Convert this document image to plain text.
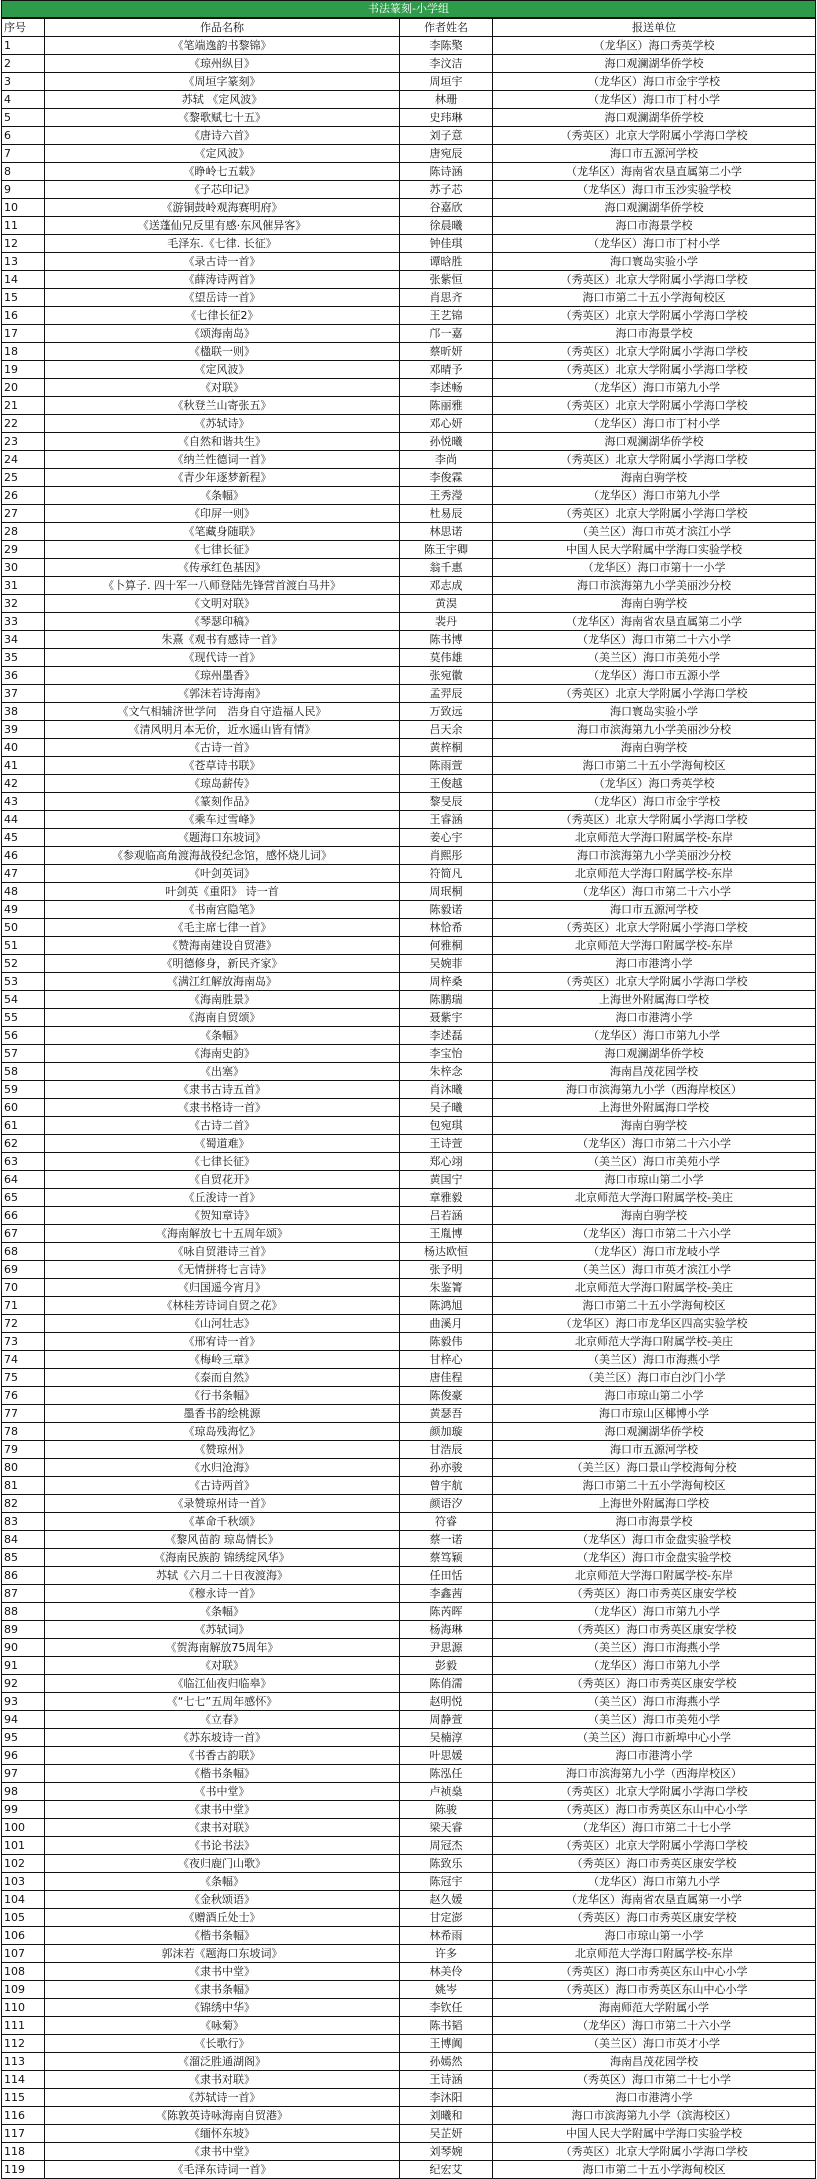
书法篆刻-小学组
序号	作品名称	作者姓名	报送单位
1	《笔端逸韵书黎锦》	李陈檠	（龙华区）海口秀英学校
2	《琼州纵目》	李汶洁	海口观澜湖华侨学校
3	《周垣字篆刻》	周垣宇	（龙华区）海口市金宇学校
4	苏轼 《定风波》	林珊	（龙华区）海口市丁村小学
5	《黎歌赋七十五》	史玮琳	海口观澜湖华侨学校
6	《唐诗六首》	刘子意	（秀英区）北京大学附属小学海口学校
7	《定风波》	唐宛辰	海口市五源河学校
8	《睁岭七五载》	陈诗涵	（龙华区）海南省农垦直属第二小学
9	《子芯印记》	苏子芯	（龙华区）海口市玉沙实验学校
10	《游铜鼓岭观海赛明府》	谷嘉欣	海口观澜湖华侨学校
11	《送蓬仙兄反里有感·东风催异客》	徐晨曦	海口市海景学校
12	毛泽东.《七律. 长征》	钟佳琪	（龙华区）海口市丁村小学
13	《录古诗一首》	谭晗胜	海口寰岛实验小学
14	《薛涛诗两首》	张紫恒	（秀英区）北京大学附属小学海口学校
15	《望岳诗一首》	肖思齐	海口市第二十五小学海甸校区
16	《七律长征2》	王艺锦	（秀英区）北京大学附属小学海口学校
17	《颂海南岛》	邝一嘉	海口市海景学校
18	《楹联一则》	蔡昕妍	（秀英区）北京大学附属小学海口学校
19	《定风波》	邓晴予	（秀英区）北京大学附属小学海口学校
20	《对联》	李述畅	（龙华区）海口市第九小学
21	《秋登兰山寄张五》	陈丽雅	（秀英区）北京大学附属小学海口学校
22	《苏轼诗》	邓心妍	（龙华区）海口市丁村小学
23	《自然和谐共生》	孙悦曦	海口观澜湖华侨学校
24	《纳兰性德词一首》	李尚	（秀英区）北京大学附属小学海口学校
25	《青少年逐梦新程》	李俊霖	海南白驹学校
26	《条幅》	王秀瀅	（龙华区）海口市第九小学
27	《印屏一则》	杜易辰	（秀英区）北京大学附属小学海口学校
28	《笔藏身随联》	林思诺	（美兰区）海口市英才滨江小学
29	《七律长征》	陈王宇卿	中国人民大学附属中学海口实验学校
30	《传承红色基因》	翁千惠	（龙华区）海口市第十一小学
31	《卜算子. 四十军一八师登陆先锋营首渡白马井》	邓志成	海口市滨海第九小学美丽沙分校
32	《文明对联》	黄淏	海南白驹学校
33	《琴瑟印稿》	裴丹	（龙华区）海南省农垦直属第二小学
34	朱熹《观书有感诗一首》	陈书博	（龙华区）海口市第二十六小学
35	《现代诗一首》	莫伟雄	（美兰区）海口市美苑小学
36	《琼州墨香》	张宛徽	（龙华区）海口市五源小学
37	《郭沫若诗海南》	孟羿辰	（秀英区）北京大学附属小学海口学校
38	《文气相辅济世学问　浩身自守造福人民》	万致远	海口寰岛实验小学
39	《清风明月本无价，近水遥山皆有情》	吕天余	海口市滨海第九小学美丽沙分校
40	《古诗一首》	黄梓桐	海南白驹学校
41	《苍草诗书联》	陈雨萱	海口市第二十五小学海甸校区
42	《琼岛薪传》	王俊越	（龙华区）海口秀英学校
43	《篆刻作品》	黎旻辰	（龙华区）海口市金宇学校
44	《乘车过雪峰》	王睿涵	（秀英区）北京大学附属小学海口学校
45	《题海口东坡词》	姜心宇	北京师范大学海口附属学校-东岸
46	《参观临高角渡海战役纪念馆，感怀烧儿词》	肖熙彤	海口市滨海第九小学美丽沙分校
47	《叶剑英词》	符简凡	北京师范大学海口附属学校-东岸
48	叶剑英《重阳》 诗一首	周珉桐	（龙华区）海口市第二十六小学
49	《书南宫隐笔》	陈毅诺	海口市五源河学校
50	《毛主席七律一首》	林恰希	（秀英区）北京大学附属小学海口学校
51	《赞海南建设自贸港》	何雅桐	北京师范大学海口附属学校-东岸
52	《明德修身，新民齐家》	吴婉菲	海口市港湾小学
53	《满江红解放海南岛》	周梓桑	（秀英区）北京大学附属小学海口学校
54	《海南胜景》	陈鹏瑞	上海世外附属海口学校
55	《海南自贸颂》	聂紫宇	海口市港湾小学
56	《条幅》	李述磊	（龙华区）海口市第九小学
57	《海南史韵》	李宝怡	海口观澜湖华侨学校
58	《出塞》	朱梓念	海南昌茂花园学校
59	《隶书古诗五首》	肖沐曦	海口市滨海第九小学（西海岸校区）
60	《隶书格诗一首》	吴子曦	上海世外附属海口学校
61	《古诗二首》	包宛琪	海南白驹学校
62	《蜀道难》	王诗萱	（龙华区）海口市第二十六小学
63	《七律长征》	郑心翊	（美兰区）海口市美苑小学
64	《自贸花开》	黄国宁	海口市琼山第二小学
65	《丘浚诗一首》	章雅毅	北京师范大学海口附属学校-美庄
66	《贺知章诗》	吕若涵	海南白驹学校
67	《海南解放七十五周年颂》	王胤博	（龙华区）海口市第二十六小学
68	《咏自贸港诗三首》	杨达欧恒	（龙华区）海口市龙岐小学
69	《无情拼将七言诗》	张予明	（美兰区）海口市英才滨江小学
70	《归国遥今宵月》	朱鉴箐	北京师范大学海口附属学校-美庄
71	《林桂芳诗词自贸之花》	陈鸿旭	海口市第二十五小学海甸校区
72	《山河壮志》	曲溪月	（龙华区）海口市龙华区四高实验学校
73	《邢宥诗一首》	陈毅伟	北京师范大学海口附属学校-美庄
74	《梅岭三章》	甘梓心	（美兰区）海口市海燕小学
75	《泰而自然》	唐佳程	（美兰区）海口市白沙门小学
76	《行书条幅》	陈俊豪	海口市琼山第二小学
77	墨香书韵绘桃源	黄瑟吾	海口市琼山区椰博小学
78	《琼岛残海忆》	颜加璇	海口观澜湖华侨学校
79	《赞琼州》	甘浩辰	海口市五源河学校
80	《水归沧海》	孙亦骏	（美兰区）海口景山学校海甸分校
81	《古诗两首》	曾宇航	海口市第二十五小学海甸校区
82	《录赞琼州诗一首》	颜语汐	上海世外附属海口学校
83	《革命千秋颂》	符睿	海口市海景学校
84	《黎风苗韵 琼岛情长》	蔡一诺	（龙华区）海口市金盘实验学校
85	《海南民族韵 锦绣绽风华》	蔡笃颖	（龙华区）海口市金盘实验学校
86	苏轼《六月二十日夜渡海》	任田恬	北京师范大学海口附属学校-东岸
87	《穆永诗一首》	李鑫茜	（秀英区）海口市秀英区康安学校
88	《条幅》	陈芮晖	（龙华区）海口市第九小学
89	《苏轼词》	杨海琳	（秀英区）海口市秀英区康安学校
90	《贺海南解放75周年》	尹思源	（美兰区）海口市海燕小学
91	《对联》	彭毅	（龙华区）海口市第九小学
92	《临江仙夜归临皋》	陈俏濡	（秀英区）海口市秀英区康安学校
93	《“七七”五周年感怀》	赵明悦	（美兰区）海口市海燕小学
94	《立春》	周静萱	（美兰区）海口市美苑小学
95	《苏东坡诗一首》	吴楠淳	（美兰区）海口市新埠中心小学
96	《书香古韵联》	叶思媛	海口市港湾小学
97	《楷书条幅》	陈泓任	海口市滨海第九小学（西海岸校区）
98	《书中堂》	卢祯燊	（秀英区）北京大学附属小学海口学校
99	《隶书中堂》	陈骏	（秀英区）海口市秀英区东山中心小学
100	《隶书对联》	梁天睿	（龙华区）海口市第二十七小学
101	《书论书法》	周冠杰	（秀英区）北京大学附属小学海口学校
102	《夜归鹿门山歌》	陈致乐	（秀英区）海口市秀英区康安学校
103	《条幅》	陈冠宇	（龙华区）海口市第九小学
104	《金秋颂语》	赵久媛	（龙华区）海南省农垦直属第一小学
105	《赠酒丘处士》	甘定澎	（秀英区）海口市秀英区康安学校
106	《楷书条幅》	林希雨	海口市琼山第一小学
107	郭沫若《题海口东坡词》	许多	北京师范大学海口附属学校-东岸
108	《隶书中堂》	林美伶	（秀英区）海口市秀英区东山中心小学
109	《隶书条幅》	姚岑	（秀英区）海口市秀英区东山中心小学
110	《锦绣中华》	李钦任	海南师范大学附属小学
111	《咏菊》	陈书韬	（龙华区）海口市第二十六小学
112	《长歌行》	王博阗	（美兰区）海口市英才小学
113	《溜泛胜通湖阁》	孙嫣然	海南昌茂花园学校
114	《隶书对联》	王诗涵	（秀英区）海口市第二十七小学
115	《苏轼诗一首》	李沐阳	海口市港湾小学
116	《陈敦英诗咏海南自贸港》	刘曦和	海口市滨海第九小学（滨海校区）
117	《缅怀东坡》	吴芷妍	中国人民大学附属中学海口实验学校
118	《隶书中堂》	刘琴婉	（秀英区）北京大学附属小学海口学校
119	《毛泽东诗词一首》	纪宏艾	海口市第二十五小学海甸校区
